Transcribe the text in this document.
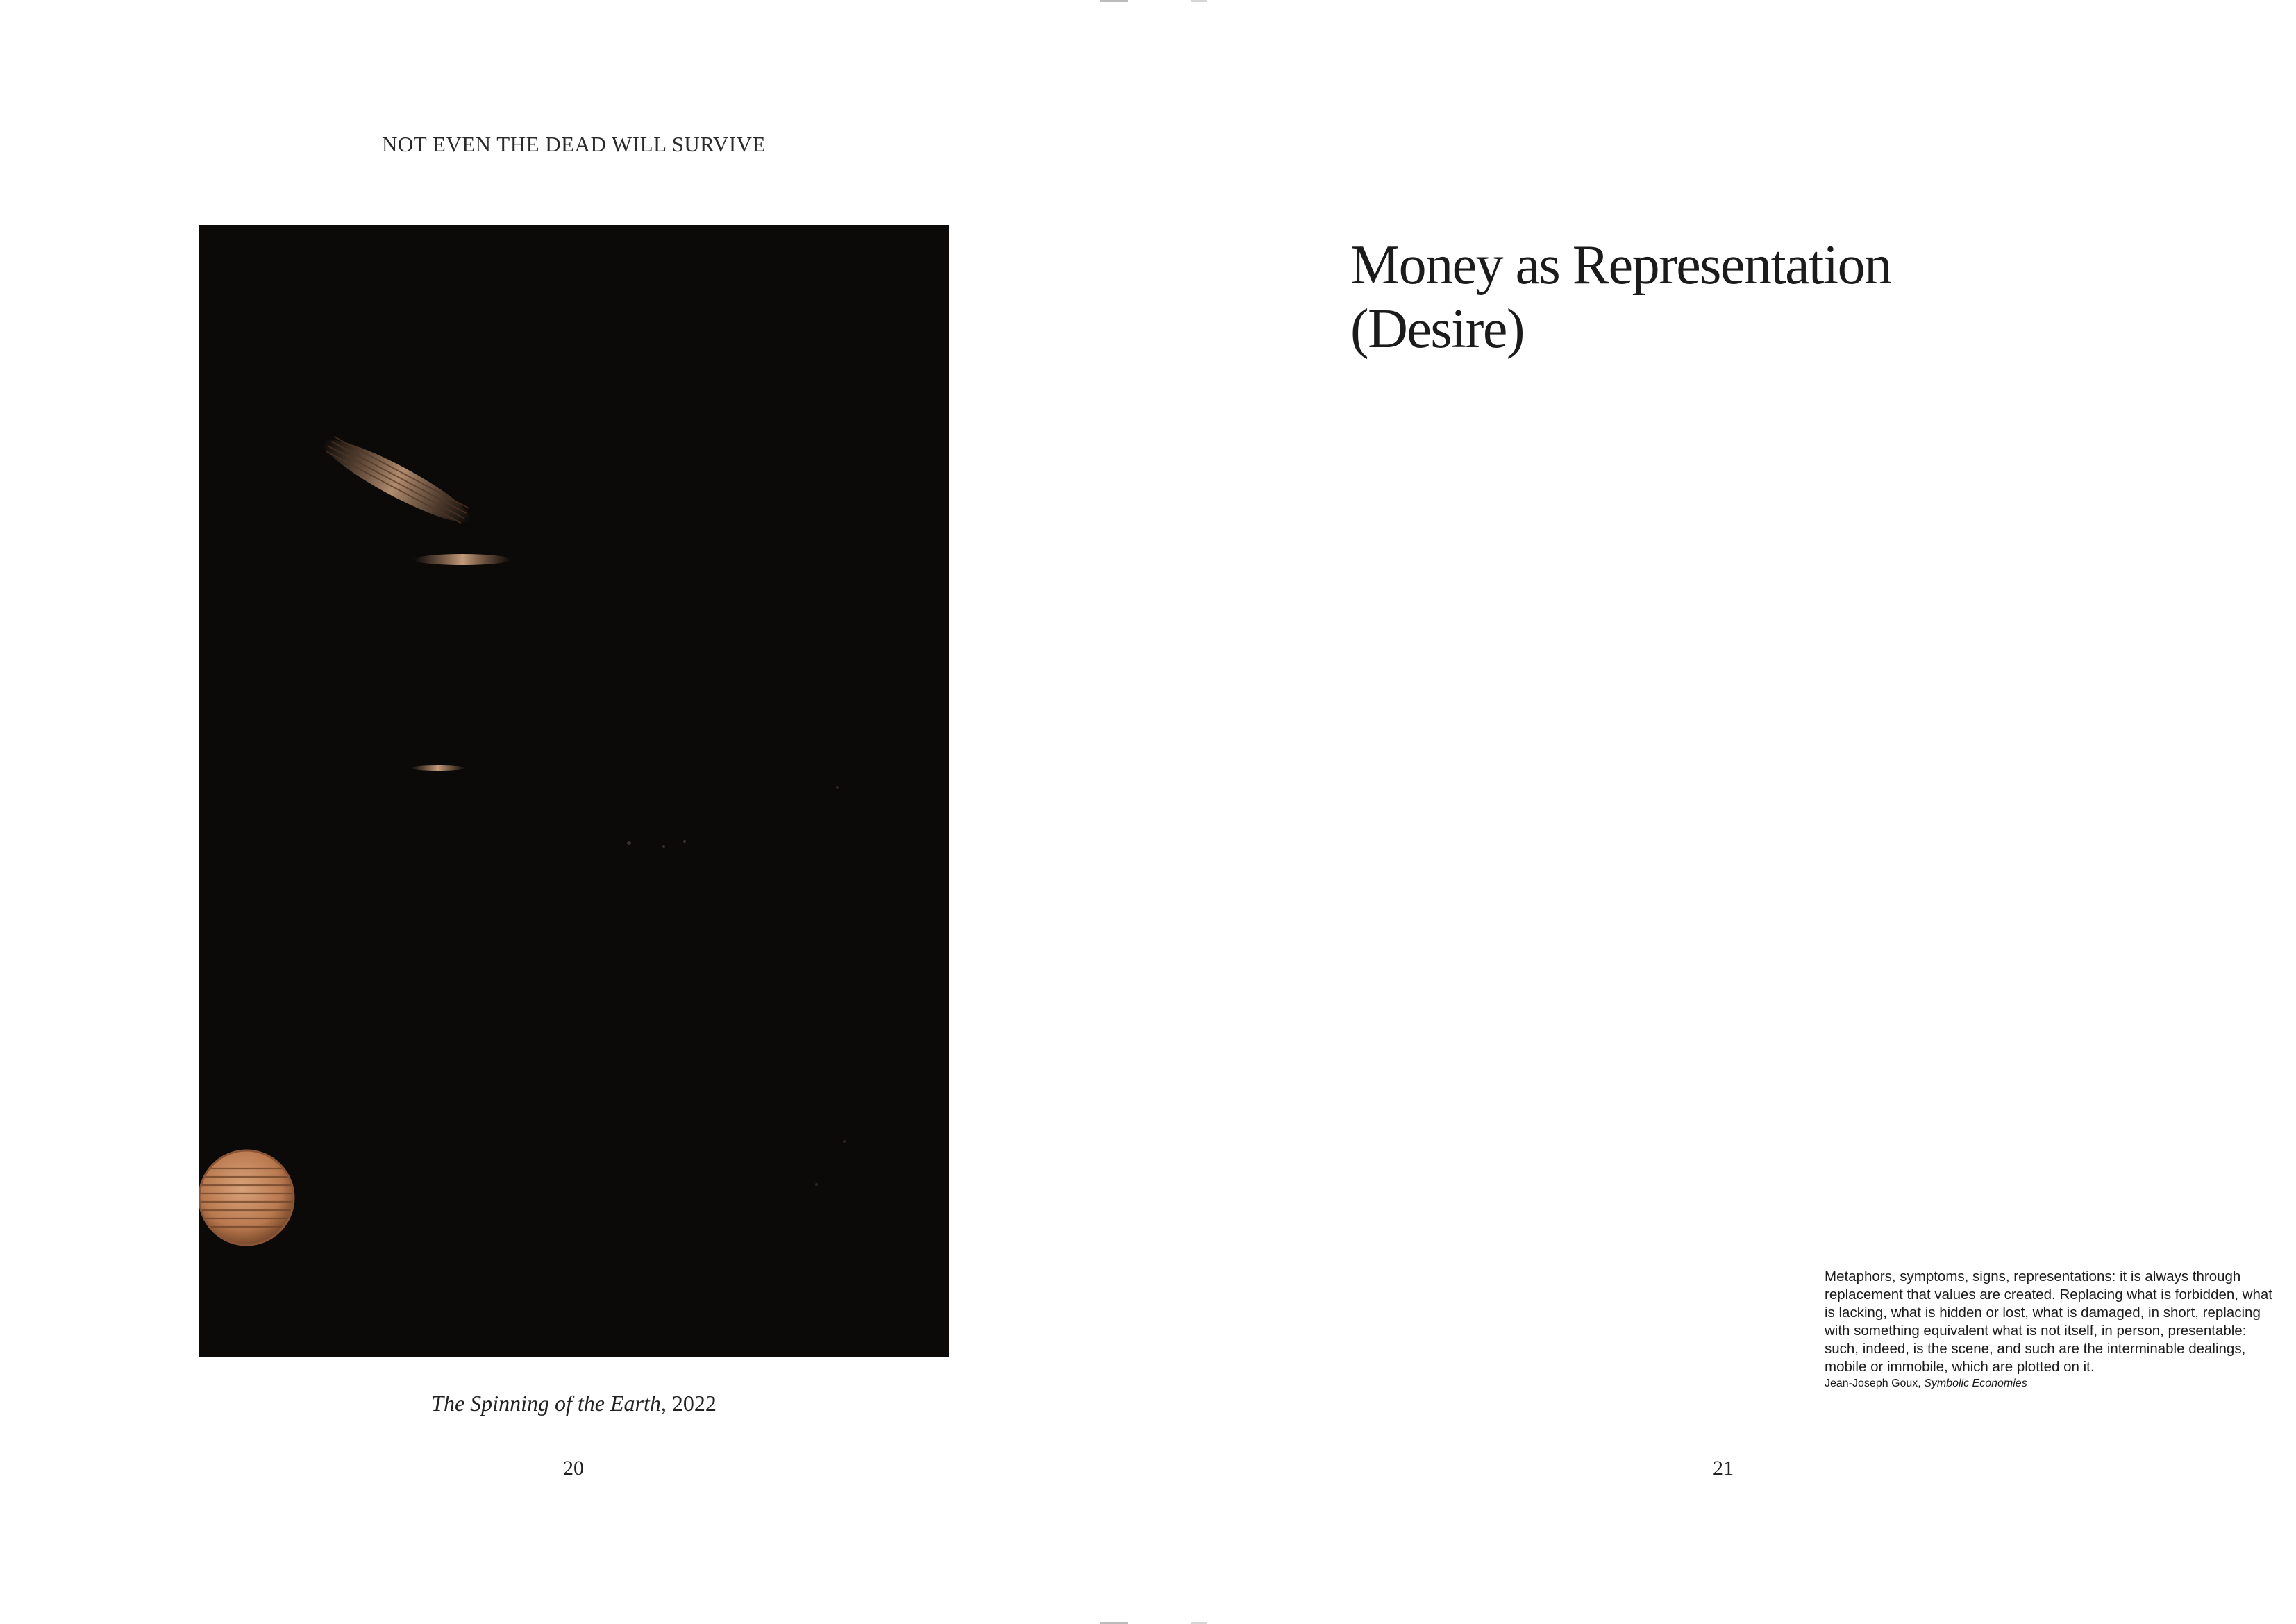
NOT EVEN THE DEAD WILL SURVIVE
The Spinning of the Earth, 2022
20
Money as Representation
(Desire)
Metaphors, symptoms, signs, representations: it is always through replacement that values are created. Replacing what is forbidden, what is lacking, what is hidden or lost, what is damaged, in short, replacing with something equivalent what is not itself, in person, presentable: such, indeed, is the scene, and such are the interminable dealings, mobile or immobile, which are plotted on it.
Jean-Joseph Goux, Symbolic Economies
21
